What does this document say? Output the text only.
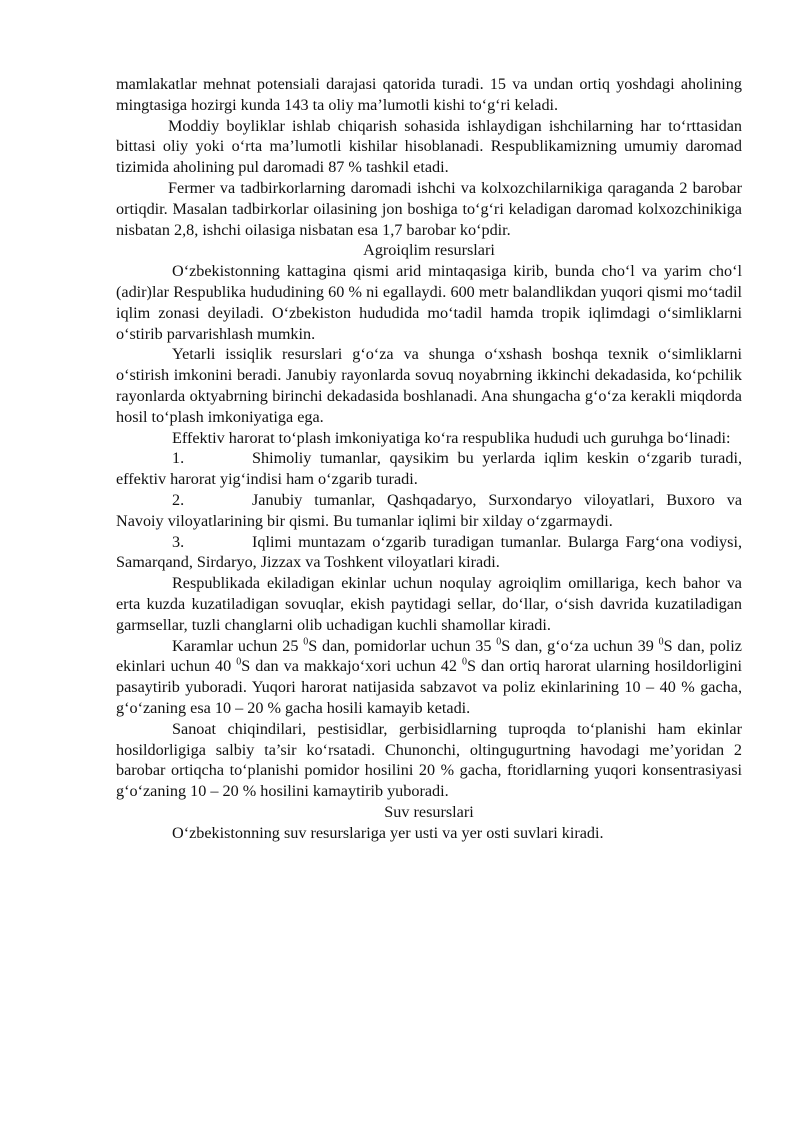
mamlakatlar mehnat potensiali darajasi qatorida turadi. 15 va undan ortiq yoshdagi aholining mingtasiga hozirgi kunda 143 ta oliy ma’lumotli kishi to‘g‘ri keladi.

Moddiy boyliklar ishlab chiqarish sohasida ishlaydigan ishchilarning har to‘rttasidan bittasi oliy yoki o‘rta ma’lumotli kishilar hisoblanadi. Respublikamizning umumiy daromad tizimida aholining pul daromadi 87 % tashkil etadi.

Fermer va tadbirkorlarning daromadi ishchi va kolxozchilarnikiga qaraganda 2 barobar ortiqdir. Masalan tadbirkorlar oilasining jon boshiga to‘g‘ri keladigan daromad kolxozchinikiga nisbatan 2,8, ishchi oilasiga nisbatan esa 1,7 barobar ko‘pdir.

Agroiqlim resurslari

O‘zbekistonning kattagina qismi arid mintaqasiga kirib, bunda cho‘l va yarim cho‘l (adir)lar Respublika hududining 60 % ni egallaydi. 600 metr balandlikdan yuqori qismi mo‘tadil iqlim zonasi deyiladi. O‘zbekiston hududida mo‘tadil hamda tropik iqlimdagi o‘simliklarni o‘stirib parvarishlash mumkin.

Yetarli issiqlik resurslari g‘o‘za va shunga o‘xshash boshqa texnik o‘simliklarni o‘stirish imkonini beradi. Janubiy rayonlarda sovuq noyabrning ikkinchi dekadasida, ko‘pchilik rayonlarda oktyabrning birinchi dekadasida boshlanadi. Ana shungacha g‘o‘za kerakli miqdorda hosil to‘plash imkoniyatiga ega.

Effektiv harorat to‘plash imkoniyatiga ko‘ra respublika hududi uch guruhga bo‘linadi:

1.	Shimoliy tumanlar, qaysikim bu yerlarda iqlim keskin o‘zgarib turadi, effektiv harorat yig‘indisi ham o‘zgarib turadi.

2.	Janubiy tumanlar, Qashqadaryo, Surxondaryo viloyatlari, Buxoro va Navoiy viloyatlarining bir qismi. Bu tumanlar iqlimi bir xilday o‘zgarmaydi.

3.	Iqlimi muntazam o‘zgarib turadigan tumanlar. Bularga Farg‘ona vodiysi, Samarqand, Sirdaryo, Jizzax va Toshkent viloyatlari kiradi.

Respublikada ekiladigan ekinlar uchun noqulay agroiqlim omillariga, kech bahor va erta kuzda kuzatiladigan sovuqlar, ekish paytidagi sellar, do‘llar, o‘sish davrida kuzatiladigan garmsellar, tuzli changlarni olib uchadigan kuchli shamollar kiradi.

Karamlar uchun 25 $^0$S dan, pomidorlar uchun 35 $^0$S dan, g‘o‘za uchun 39 $^0$S dan, poliz ekinlari uchun 40 $^0$S dan va makkajo‘xori uchun 42 $^0$S dan ortiq harorat ularning hosildorligini pasaytirib yuboradi. Yuqori harorat natijasida sabzavot va poliz ekinlarining 10 – 40 % gacha, g‘o‘zaning esa 10 – 20 % gacha hosili kamayib ketadi.

Sanoat chiqindilari, pestisidlar, gerbisidlarning tuproqda to‘planishi ham ekinlar hosildorligiga salbiy ta’sir ko‘rsatadi. Chunonchi, oltingugurtning havodagi me’yoridan 2 barobar ortiqcha to‘planishi pomidor hosilini 20 % gacha, ftoridlarning yuqori konsentrasiyasi g‘o‘zaning 10 – 20 % hosilini kamaytirib yuboradi.

Suv resurslari

O‘zbekistonning suv resurslariga yer usti va yer osti suvlari kiradi.
